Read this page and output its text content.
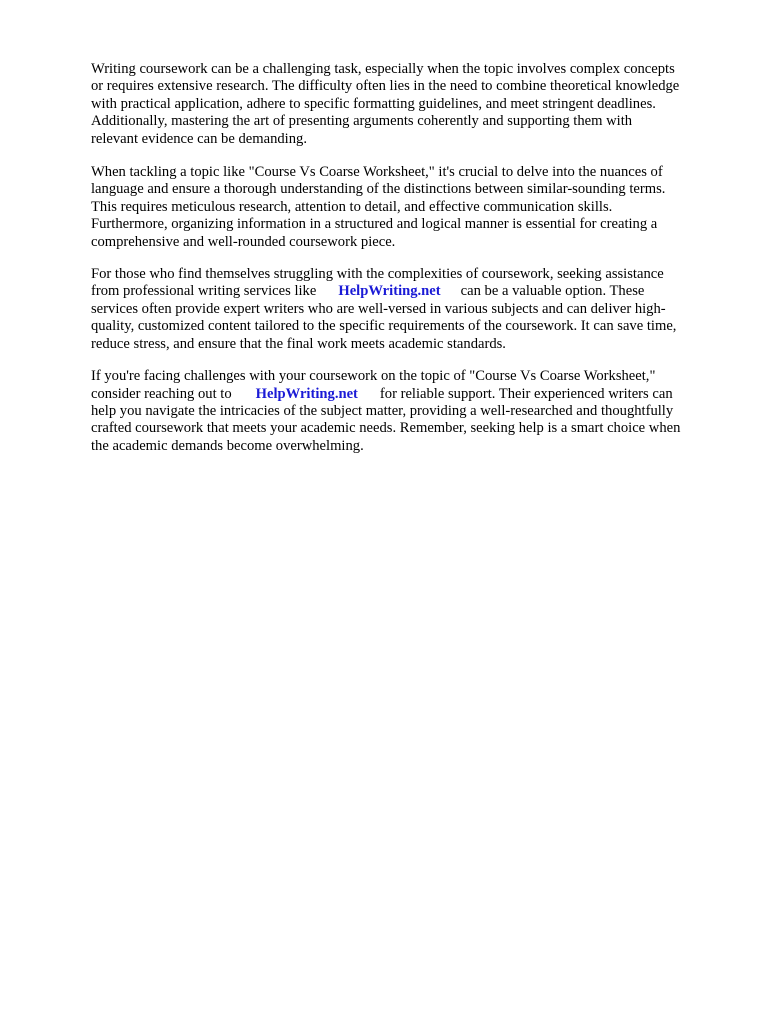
Writing coursework can be a challenging task, especially when the topic involves complex concepts
or requires extensive research. The difficulty often lies in the need to combine theoretical knowledge
with practical application, adhere to specific formatting guidelines, and meet stringent deadlines.
Additionally, mastering the art of presenting arguments coherently and supporting them with
relevant evidence can be demanding.

When tackling a topic like "Course Vs Coarse Worksheet," it's crucial to delve into the nuances of
language and ensure a thorough understanding of the distinctions between similar-sounding terms.
This requires meticulous research, attention to detail, and effective communication skills.
Furthermore, organizing information in a structured and logical manner is essential for creating a
comprehensive and well-rounded coursework piece.

For those who find themselves struggling with the complexities of coursework, seeking assistance
from professional writing services like HelpWriting.net can be a valuable option. These
services often provide expert writers who are well-versed in various subjects and can deliver high-
quality, customized content tailored to the specific requirements of the coursework. It can save time,
reduce stress, and ensure that the final work meets academic standards.

If you're facing challenges with your coursework on the topic of "Course Vs Coarse Worksheet,"
consider reaching out to HelpWriting.net for reliable support. Their experienced writers can
help you navigate the intricacies of the subject matter, providing a well-researched and thoughtfully
crafted coursework that meets your academic needs. Remember, seeking help is a smart choice when
the academic demands become overwhelming.
